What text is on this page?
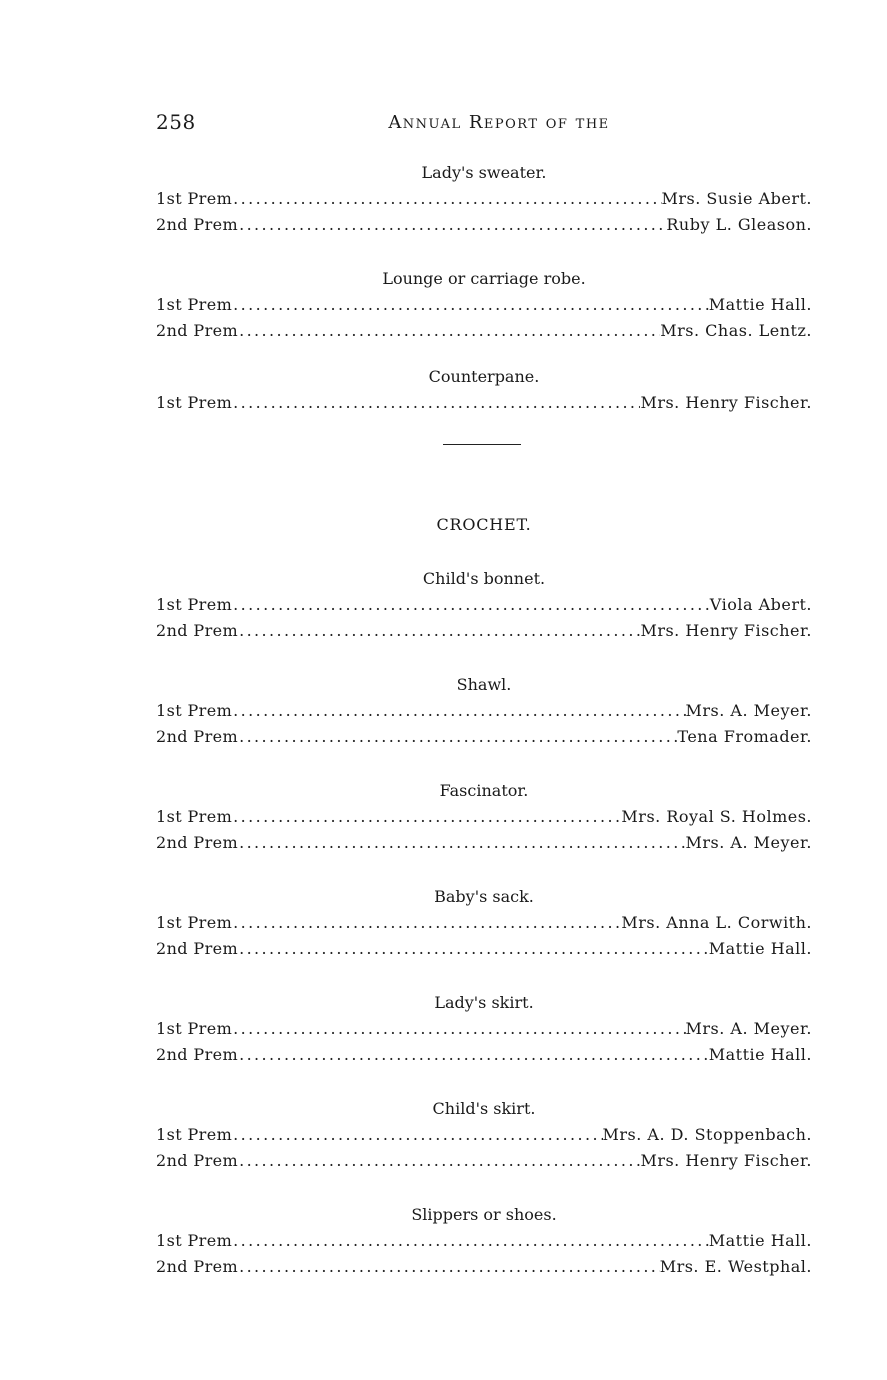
258	Annual Report of the
Lady's sweater.
1st Prem .....	Mrs. Susie Abert.
2nd Prem .....	Ruby L. Gleason.
Lounge or carriage robe.
1st Prem .....	Mattie Hall.
2nd Prem .....	Mrs. Chas. Lentz.
Counterpane.
1st Prem .....	Mrs. Henry Fischer.
CROCHET.
Child's bonnet.
1st Prem .....	Viola Abert.
2nd Prem .....	Mrs. Henry Fischer.
Shawl.
1st Prem .....	Mrs. A. Meyer.
2nd Prem .....	Tena Fromader.
Fascinator.
1st Prem .....	Mrs. Royal S. Holmes.
2nd Prem .....	Mrs. A. Meyer.
Baby's sack.
1st Prem .....	Mrs. Anna L. Corwith.
2nd Prem .....	Mattie Hall.
Lady's skirt.
1st Prem .....	Mrs. A. Meyer.
2nd Prem .....	Mattie Hall.
Child's skirt.
1st Prem .....	Mrs. A. D. Stoppenbach.
2nd Prem .....	Mrs. Henry Fischer.
Slippers or shoes.
1st Prem .....	Mattie Hall.
2nd Prem .....	Mrs. E. Westphal.
